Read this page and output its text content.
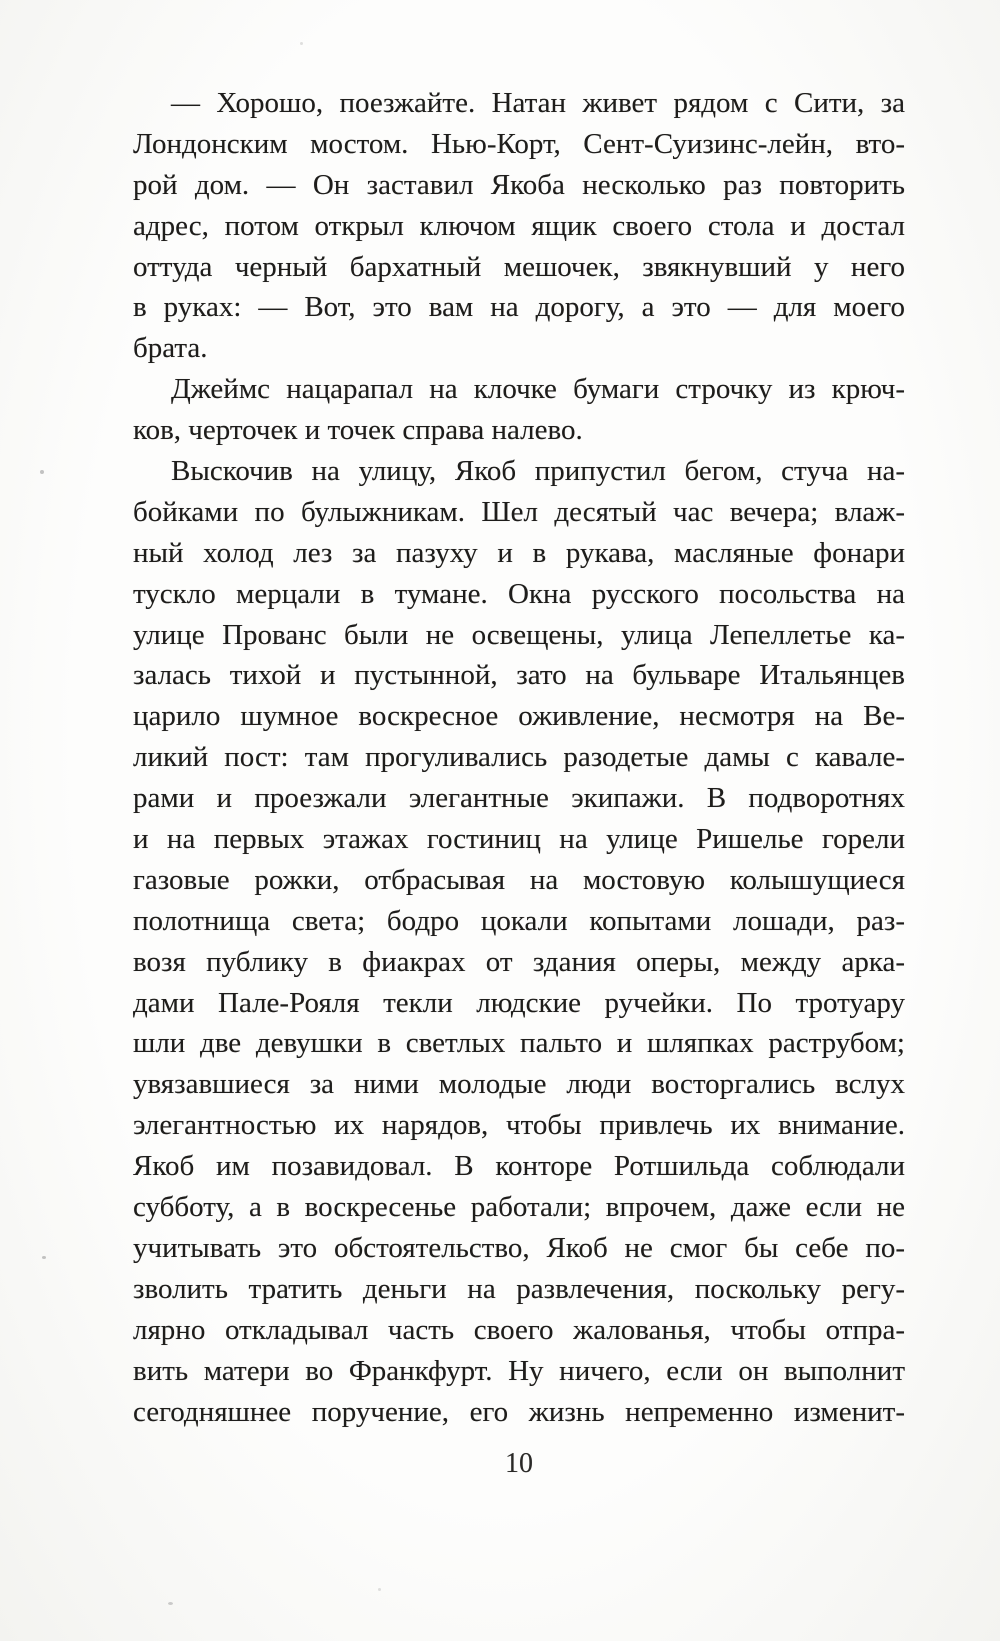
— Хорошо, поезжайте. Натан живет рядом с Сити, за
Лондонским мостом. Нью-Корт, Сент-Суизинс-лейн, вто-
рой дом. — Он заставил Якоба несколько раз повторить
адрес, потом открыл ключом ящик своего стола и достал
оттуда черный бархатный мешочек, звякнувший у него
в руках: — Вот, это вам на дорогу, а это — для моего
брата.
Джеймс нацарапал на клочке бумаги строчку из крюч-
ков, черточек и точек справа налево.
Выскочив на улицу, Якоб припустил бегом, стуча на-
бойками по булыжникам. Шел десятый час вечера; влаж-
ный холод лез за пазуху и в рукава, масляные фонари
тускло мерцали в тумане. Окна русского посольства на
улице Прованс были не освещены, улица Лепеллетье ка-
залась тихой и пустынной, зато на бульваре Итальянцев
царило шумное воскресное оживление, несмотря на Ве-
ликий пост: там прогуливались разодетые дамы с кавале-
рами и проезжали элегантные экипажи. В подворотнях
и на первых этажах гостиниц на улице Ришелье горели
газовые рожки, отбрасывая на мостовую колышущиеся
полотнища света; бодро цокали копытами лошади, раз-
возя публику в фиакрах от здания оперы, между арка-
дами Пале-Рояля текли людские ручейки. По тротуару
шли две девушки в светлых пальто и шляпках раструбом;
увязавшиеся за ними молодые люди восторгались вслух
элегантностью их нарядов, чтобы привлечь их внимание.
Якоб им позавидовал. В конторе Ротшильда соблюдали
субботу, а в воскресенье работали; впрочем, даже если не
учитывать это обстоятельство, Якоб не смог бы себе по-
зволить тратить деньги на развлечения, поскольку регу-
лярно откладывал часть своего жалованья, чтобы отпра-
вить матери во Франкфурт. Ну ничего, если он выполнит
сегодняшнее поручение, его жизнь непременно изменит-
10
